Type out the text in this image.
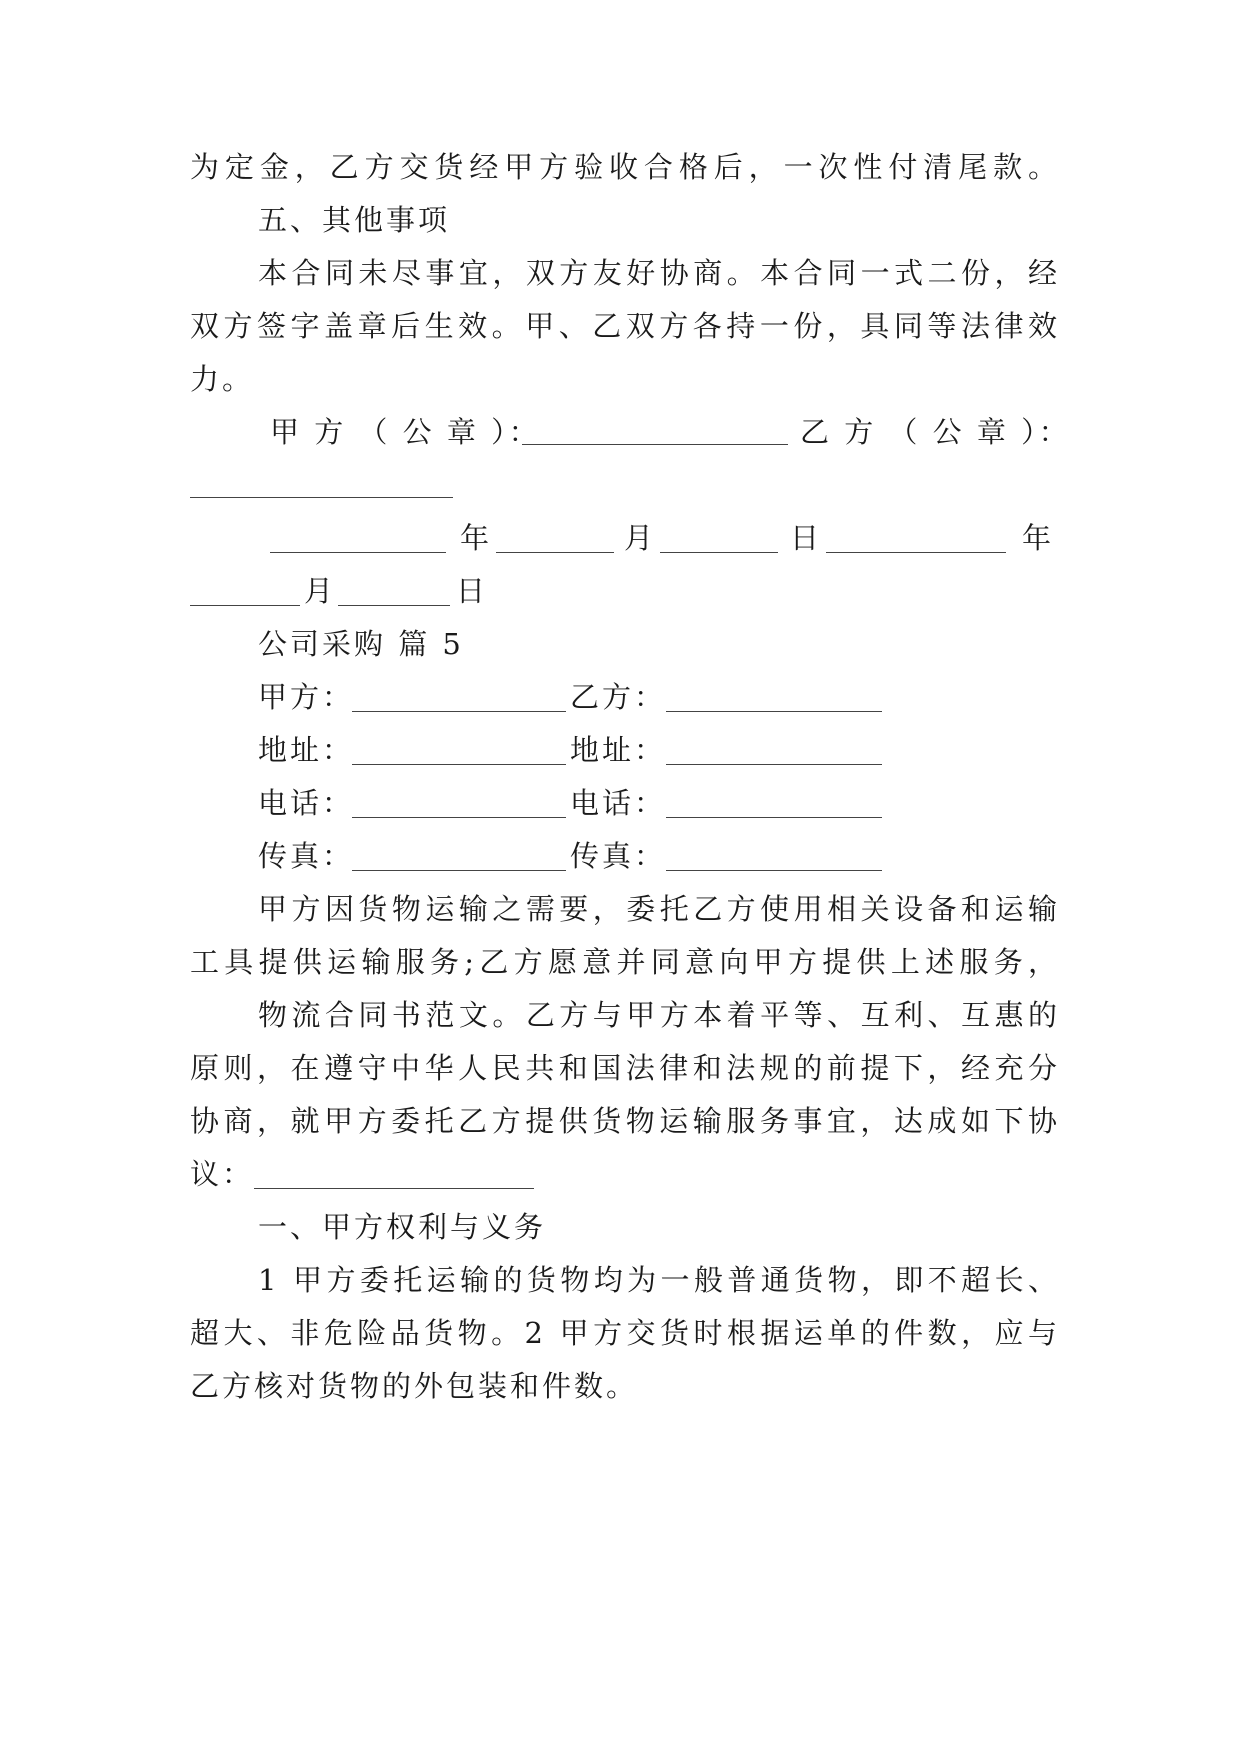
为定金，乙方交货经甲方验收合格后，一次性付清尾款。
五、其他事项
本合同未尽事宜，双方友好协商。本合同一式二份，经
双方签字盖章后生效。甲、乙双方各持一份，具同等法律效
力。
甲 方 （ 公 章 ）：	乙 方 （ 公 章 ）：
年	月	日	年
月	日
公司采购 篇 5
甲方：	乙方：
地址：	地址：
电话：	电话：
传真：	传真：
甲方因货物运输之需要，委托乙方使用相关设备和运输
工具提供运输服务;乙方愿意并同意向甲方提供上述服务，
物流合同书范文。乙方与甲方本着平等、互利、互惠的
原则，在遵守中华人民共和国法律和法规的前提下，经充分
协商，就甲方委托乙方提供货物运输服务事宜，达成如下协
议：
一、甲方权利与义务
1 甲方委托运输的货物均为一般普通货物，即不超长、
超大、非危险品货物。2 甲方交货时根据运单的件数，应与
乙方核对货物的外包装和件数。
